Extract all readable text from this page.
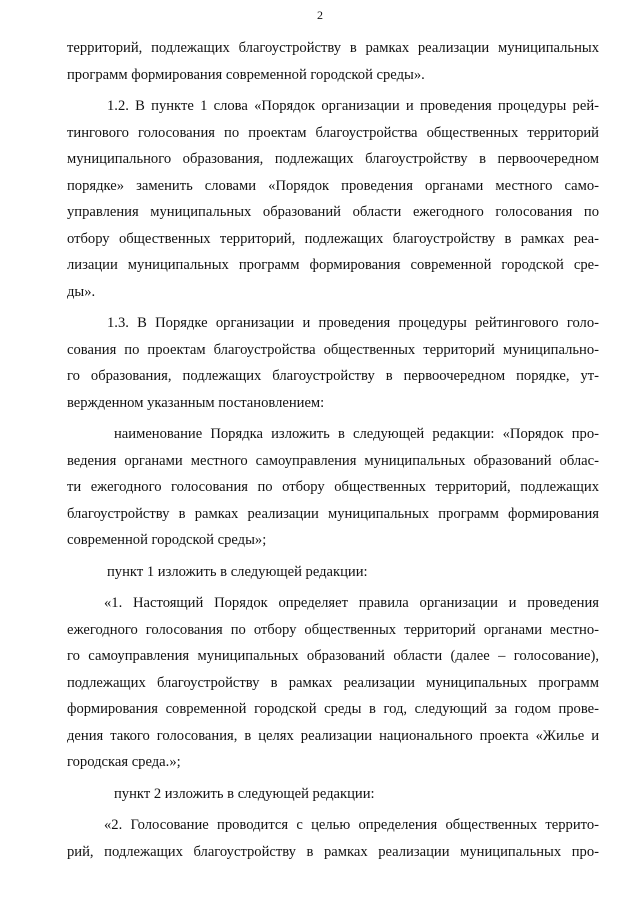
2
территорий, подлежащих благоустройству в рамках реализации муниципальных
программ формирования современной городской среды».
1.2. В пункте 1 слова «Порядок организации и проведения процедуры рей-
тингового голосования по проектам благоустройства общественных территорий
муниципального образования, подлежащих благоустройству в первоочередном
порядке» заменить словами «Порядок проведения органами местного само-
управления муниципальных образований области ежегодного голосования по
отбору общественных территорий, подлежащих благоустройству в рамках реа-
лизации муниципальных программ формирования современной городской сре-
ды».
1.3. В Порядке организации и проведения процедуры рейтингового голо-
сования по проектам благоустройства общественных территорий муниципально-
го образования, подлежащих благоустройству в первоочередном порядке, ут-
вержденном указанным постановлением:
наименование Порядка изложить в следующей редакции: «Порядок про-
ведения органами местного самоуправления муниципальных образований облас-
ти ежегодного голосования по отбору общественных территорий, подлежащих
благоустройству в рамках реализации муниципальных программ формирования
современной городской среды»;
пункт 1 изложить в следующей редакции:
«1. Настоящий Порядок определяет правила организации и проведения
ежегодного голосования по отбору общественных территорий органами местно-
го самоуправления муниципальных образований области (далее – голосование),
подлежащих благоустройству в рамках реализации муниципальных программ
формирования современной городской среды в год, следующий за годом прове-
дения такого голосования, в целях реализации национального проекта «Жилье и
городская среда.»;
пункт 2 изложить в следующей редакции:
«2. Голосование проводится с целью определения общественных террито-
рий, подлежащих благоустройству в рамках реализации муниципальных про-
